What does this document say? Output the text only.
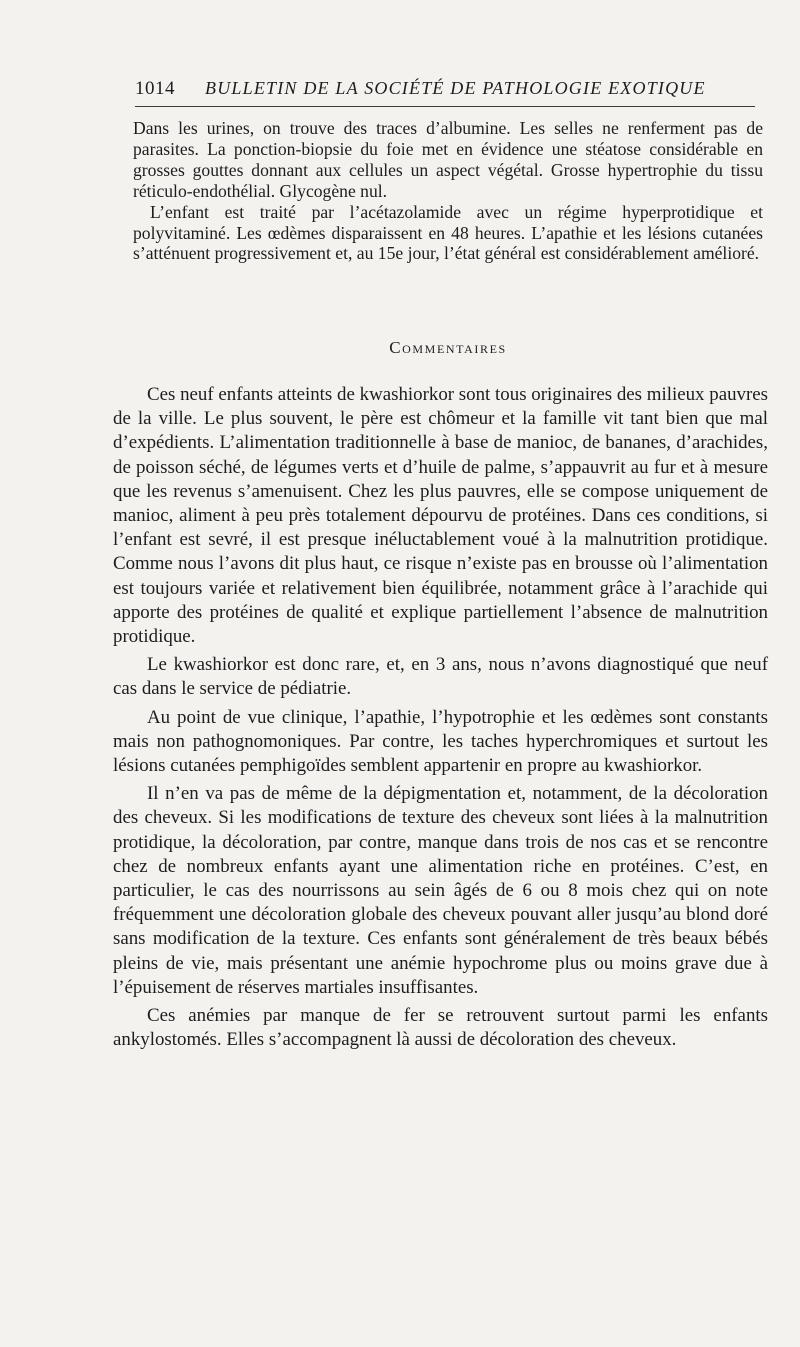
1014 BULLETIN DE LA SOCIÉTÉ DE PATHOLOGIE EXOTIQUE

Dans les urines, on trouve des traces d’albumine. Les selles ne renferment pas de parasites. La ponction-biopsie du foie met en évidence une stéatose considérable en grosses gouttes donnant aux cellules un aspect végétal. Grosse hypertrophie du tissu réticulo-endothélial. Glycogène nul.

L’enfant est traité par l’acétazolamide avec un régime hyperprotidique et polyvitaminé. Les œdèmes disparaissent en 48 heures. L’apathie et les lésions cutanées s’atténuent progressivement et, au 15e jour, l’état général est considérablement amélioré.

Commentaires

Ces neuf enfants atteints de kwashiorkor sont tous originaires des milieux pauvres de la ville. Le plus souvent, le père est chômeur et la famille vit tant bien que mal d’expédients. L’alimentation traditionnelle à base de manioc, de bananes, d’arachides, de poisson séché, de légumes verts et d’huile de palme, s’appauvrit au fur et à mesure que les revenus s’amenuisent. Chez les plus pauvres, elle se compose uniquement de manioc, aliment à peu près totalement dépourvu de protéines. Dans ces conditions, si l’enfant est sevré, il est presque inéluctablement voué à la malnutrition protidique. Comme nous l’avons dit plus haut, ce risque n’existe pas en brousse où l’alimentation est toujours variée et relativement bien équilibrée, notamment grâce à l’arachide qui apporte des protéines de qualité et explique partiellement l’absence de malnutrition protidique.

Le kwashiorkor est donc rare, et, en 3 ans, nous n’avons diagnostiqué que neuf cas dans le service de pédiatrie.

Au point de vue clinique, l’apathie, l’hypotrophie et les œdèmes sont constants mais non pathognomoniques. Par contre, les taches hyperchromiques et surtout les lésions cutanées pemphigoïdes semblent appartenir en propre au kwashiorkor.

Il n’en va pas de même de la dépigmentation et, notamment, de la décoloration des cheveux. Si les modifications de texture des cheveux sont liées à la malnutrition protidique, la décoloration, par contre, manque dans trois de nos cas et se rencontre chez de nombreux enfants ayant une alimentation riche en protéines. C’est, en particulier, le cas des nourrissons au sein âgés de 6 ou 8 mois chez qui on note fréquemment une décoloration globale des cheveux pouvant aller jusqu’au blond doré sans modification de la texture. Ces enfants sont généralement de très beaux bébés pleins de vie, mais présentant une anémie hypochrome plus ou moins grave due à l’épuisement de réserves martiales insuffisantes.

Ces anémies par manque de fer se retrouvent surtout parmi les enfants ankylostomés. Elles s’accompagnent là aussi de décoloration des cheveux.
